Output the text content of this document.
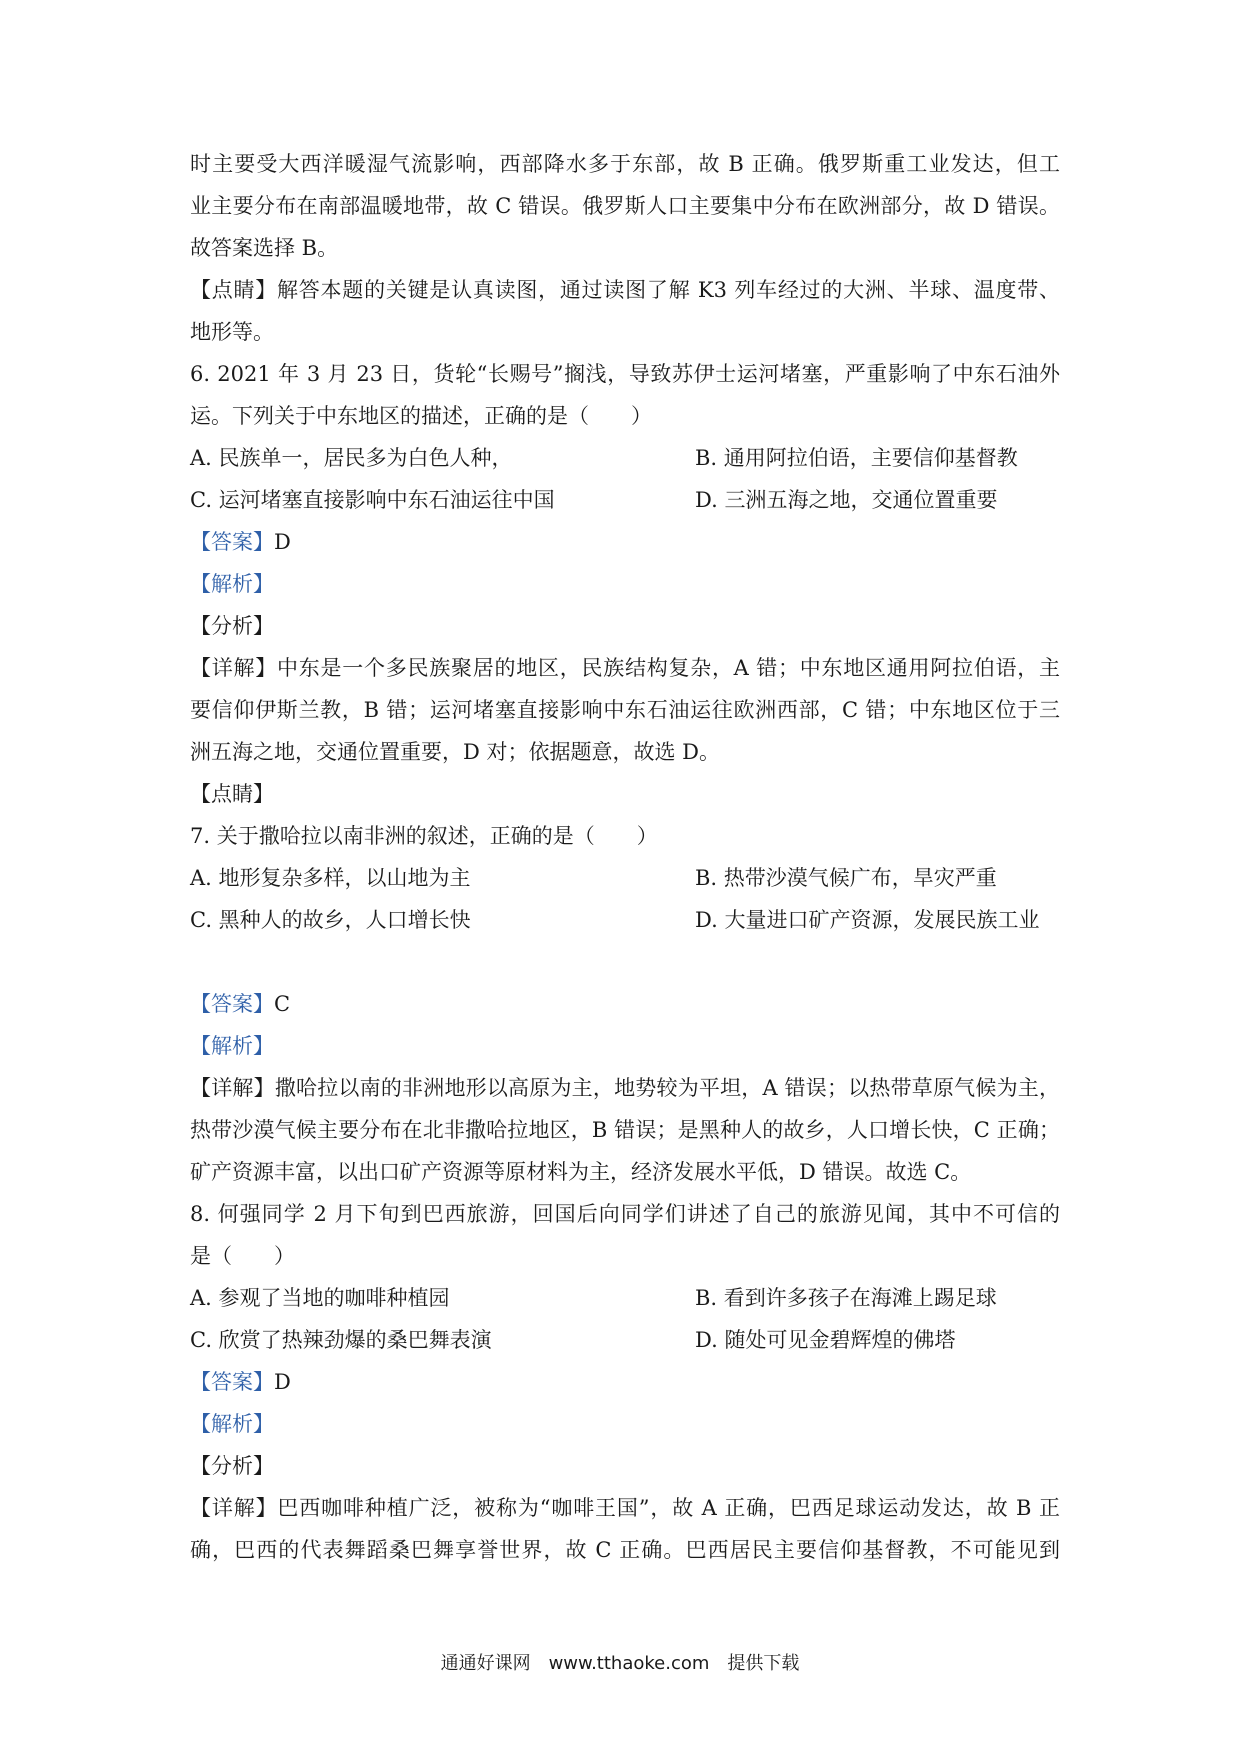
时主要受大西洋暖湿气流影响，西部降水多于东部，故 B 正确。俄罗斯重工业发达，但工
业主要分布在南部温暖地带，故 C 错误。俄罗斯人口主要集中分布在欧洲部分，故 D 错误。
故答案选择 B。
【点睛】解答本题的关键是认真读图，通过读图了解 K3 列车经过的大洲、半球、温度带、
地形等。
6. 2021 年 3 月 23 日，货轮“长赐号”搁浅，导致苏伊士运河堵塞，严重影响了中东石油外
运。下列关于中东地区的描述，正确的是（　　）
A. 民族单一，居民多为白色人种，	B. 通用阿拉伯语，主要信仰基督教
C. 运河堵塞直接影响中东石油运往中国	D. 三洲五海之地，交通位置重要
【答案】D
【解析】
【分析】
【详解】中东是一个多民族聚居的地区，民族结构复杂，A 错；中东地区通用阿拉伯语，主
要信仰伊斯兰教，B 错；运河堵塞直接影响中东石油运往欧洲西部，C 错；中东地区位于三
洲五海之地，交通位置重要，D 对；依据题意，故选 D。
【点睛】
7. 关于撒哈拉以南非洲的叙述，正确的是（　　）
A. 地形复杂多样，以山地为主	B. 热带沙漠气候广布，旱灾严重
C. 黑种人的故乡，人口增长快	D. 大量进口矿产资源，发展民族工业
【答案】C
【解析】
【详解】撒哈拉以南的非洲地形以高原为主，地势较为平坦，A 错误；以热带草原气候为主，
热带沙漠气候主要分布在北非撒哈拉地区，B 错误；是黑种人的故乡，人口增长快，C 正确；
矿产资源丰富，以出口矿产资源等原材料为主，经济发展水平低，D 错误。故选 C。
8. 何强同学 2 月下旬到巴西旅游，回国后向同学们讲述了自己的旅游见闻，其中不可信的
是（　　）
A. 参观了当地的咖啡种植园	B. 看到许多孩子在海滩上踢足球
C. 欣赏了热辣劲爆的桑巴舞表演	D. 随处可见金碧辉煌的佛塔
【答案】D
【解析】
【分析】
【详解】巴西咖啡种植广泛，被称为“咖啡王国”，故 A 正确，巴西足球运动发达，故 B 正
确，巴西的代表舞蹈桑巴舞享誉世界，故 C 正确。巴西居民主要信仰基督教，不可能见到
通通好课网　www.tthaoke.com　提供下载
